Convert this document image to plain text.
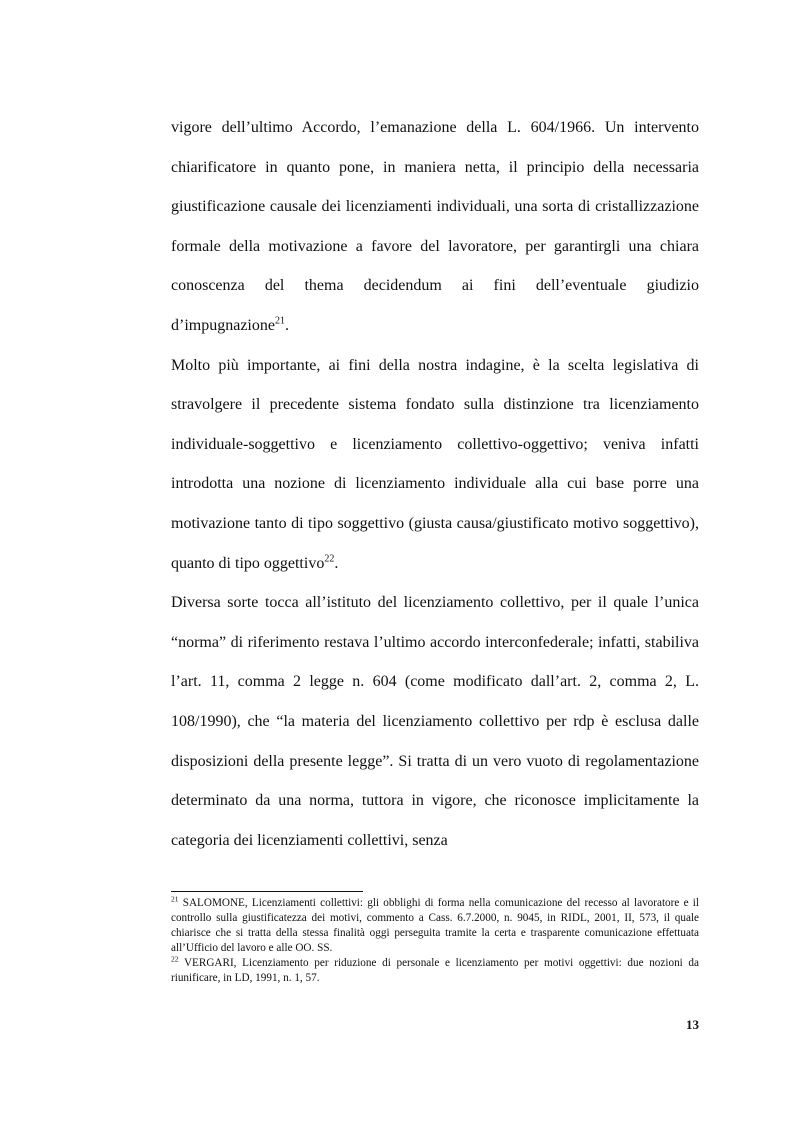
vigore dell’ultimo Accordo, l’emanazione della L. 604/1966. Un intervento chiarificatore in quanto pone, in maniera netta, il principio della necessaria giustificazione causale dei licenziamenti individuali, una sorta di cristallizzazione formale della motivazione a favore del lavoratore, per garantirgli una chiara conoscenza del thema decidendum ai fini dell’eventuale giudizio d’impugnazione$^{21}$.

Molto più importante, ai fini della nostra indagine, è la scelta legislativa di stravolgere il precedente sistema fondato sulla distinzione tra licenziamento individuale-soggettivo e licenziamento collettivo-oggettivo; veniva infatti introdotta una nozione di licenziamento individuale alla cui base porre una motivazione tanto di tipo soggettivo (giusta causa/giustificato motivo soggettivo), quanto di tipo oggettivo$^{22}$.

Diversa sorte tocca all’istituto del licenziamento collettivo, per il quale l’unica “norma” di riferimento restava l’ultimo accordo interconfederale; infatti, stabiliva l’art. 11, comma 2 legge n. 604 (come modificato dall’art. 2, comma 2, L. 108/1990), che “la materia del licenziamento collettivo per rdp è esclusa dalle disposizioni della presente legge”. Si tratta di un vero vuoto di regolamentazione determinato da una norma, tuttora in vigore, che riconosce implicitamente la categoria dei licenziamenti collettivi, senza

$^{21}$ SALOMONE, Licenziamenti collettivi: gli obblighi di forma nella comunicazione del recesso al lavoratore e il controllo sulla giustificatezza dei motivi, commento a Cass. 6.7.2000, n. 9045, in RIDL, 2001, II, 573, il quale chiarisce che si tratta della stessa finalità oggi perseguita tramite la certa e trasparente comunicazione effettuata all’Ufficio del lavoro e alle OO. SS.

$^{22}$ VERGARI, Licenziamento per riduzione di personale e licenziamento per motivi oggettivi: due nozioni da riunificare, in LD, 1991, n. 1, 57.

13
